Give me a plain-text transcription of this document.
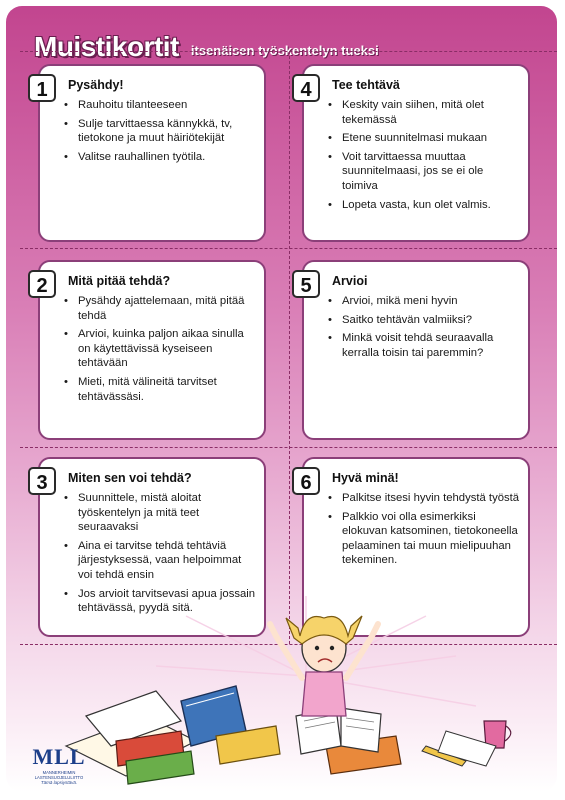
Muistikortit itsenäisen työskentelyn tueksi
1	Pysähdy!
• Rauhoitu tilanteeseen
• Sulje tarvittaessa kännykkä, tv, tietokone ja muut häiriötekijät
• Valitse rauhallinen työtila.
2	Mitä pitää tehdä?
• Pysähdy ajattelemaan, mitä pitää tehdä
• Arvioi, kuinka paljon aikaa sinulla on käytettävissä kyseiseen tehtävään
• Mieti, mitä välineitä tarvitset tehtävässäsi.
3	Miten sen voi tehdä?
• Suunnittele, mistä aloitat työskentelyn ja mitä teet seuraavaksi
• Aina ei tarvitse tehdä tehtäviä järjestyksessä, vaan helpoimmat voi tehdä ensin
• Jos arvioit tarvitsevasi apua jossain tehtävässä, pyydä sitä.
4	Tee tehtävä
• Keskity vain siihen, mitä olet tekemässä
• Etene suunnitelmasi mukaan
• Voit tarvittaessa muuttaa suunnitelmaasi, jos se ei ole toimiva
• Lopeta vasta, kun olet valmis.
5	Arvioi
• Arvioi, mikä meni hyvin
• Saitko tehtävän valmiiksi?
• Minkä voisit tehdä seuraavalla kerralla toisin tai paremmin?
6	Hyvä minä!
• Palkitse itsesi hyvin tehdystä työstä
• Palkkio voi olla esimerkiksi elokuvan katsominen, tietokoneella pelaaminen tai muun mielipuuhan tekeminen.
MLL
MANNERHEIMIN LASTENSUOJELULIITTO
Tämä lapsiystävä.
